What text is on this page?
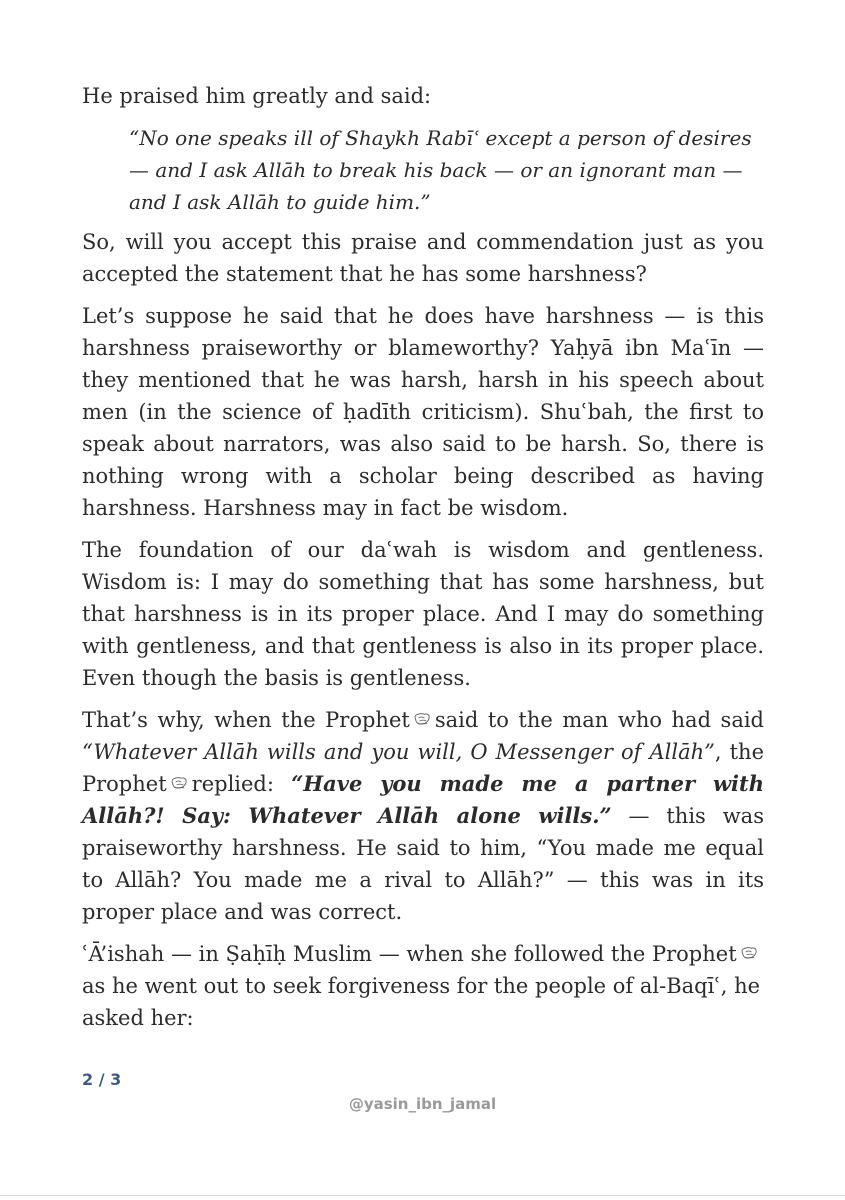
He praised him greatly and said:

“No one speaks ill of Shaykh Rabīʿ except a person of desires — and I ask Allāh to break his back — or an ignorant man — and I ask Allāh to guide him.”

So, will you accept this praise and commendation just as you accepted the statement that he has some harshness?

Let’s suppose he said that he does have harshness — is this harshness praiseworthy or blameworthy? Yaḥyā ibn Maʿīn — they mentioned that he was harsh, harsh in his speech about men (in the science of ḥadīth criticism). Shuʿbah, the first to speak about narrators, was also said to be harsh. So, there is nothing wrong with a scholar being described as having harshness. Harshness may in fact be wisdom.

The foundation of our daʿwah is wisdom and gentleness. Wisdom is: I may do something that has some harshness, but that harshness is in its proper place. And I may do something with gentleness, and that gentleness is also in its proper place. Even though the basis is gentleness.

That’s why, when the Prophet said to the man who had said “Whatever Allāh wills and you will, O Messenger of Allāh”, the Prophet replied: “Have you made me a partner with Allāh?! Say: Whatever Allāh alone wills.” — this was praiseworthy harshness. He said to him, “You made me equal to Allāh? You made me a rival to Allāh?” — this was in its proper place and was correct.

ʿĀ’ishah — in Ṣaḥīḥ Muslim — when she followed the Prophetas he went out to seek forgiveness for the people of al-Baqīʿ, he asked her:

2 / 3

@yasin_ibn_jamal
